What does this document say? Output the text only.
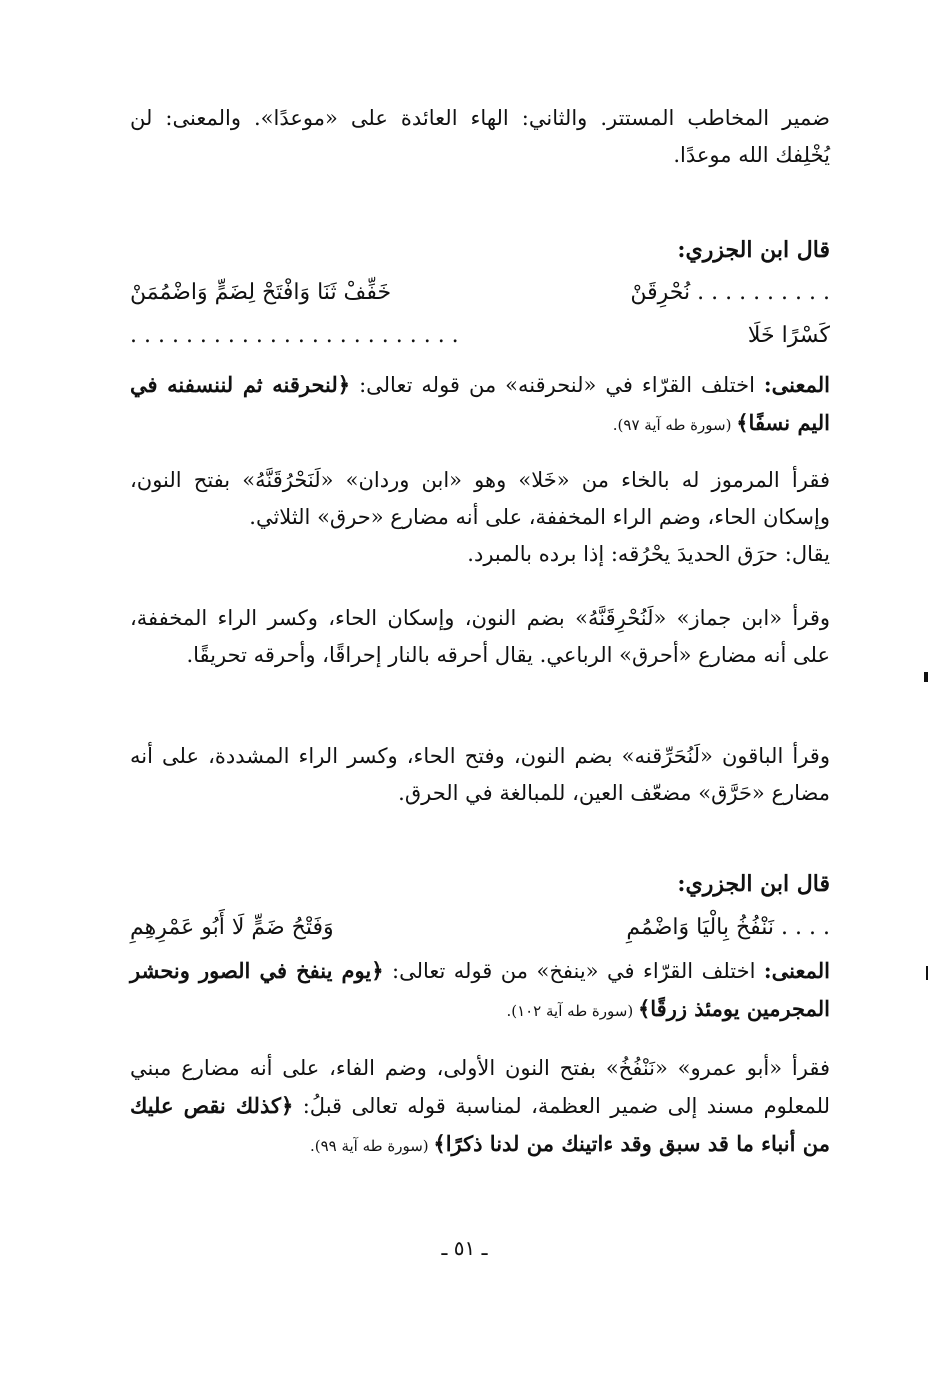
ضمير المخاطب المستتر. والثاني: الهاء العائدة على «موعدًا». والمعنى: لن يُخْلِفك الله موعدًا.

قال ابن الجزري:

. . . . . . . . . . نُحْرِقَنْ
خَفِّفْ ثَنَا وَافْتَحْ لِضَمٍّ وَاضْمُمَنْ
كَسْرًا خَلَا
. . . . . . . . . . . . . . . . . . . . . . . .

المعنى: اختلف القرّاء في «لنحرقنه» من قوله تعالى: ﴿لنحرقنه ثم لننسفنه في اليم نسفًا﴾ (سورة طه آية ٩٧).

فقرأ المرموز له بالخاء من «خَلا» وهو «ابن وردان» «لَنَحْرُقَنَّهُ» بفتح النون، وإسكان الحاء، وضم الراء المخففة، على أنه مضارع «حرق» الثلاثي.

يقال: حرَق الحديدَ يحْرُقه: إذا برده بالمبرد.

وقرأ «ابن جماز» «لَنُحْرِقَنَّهُ» بضم النون، وإسكان الحاء، وكسر الراء المخففة، على أنه مضارع «أحرق» الرباعي. يقال أحرقه بالنار إحراقًا، وأحرقه تحريقًا.

وقرأ الباقون «لَنُحَرِّقنه» بضم النون، وفتح الحاء، وكسر الراء المشددة، على أنه مضارع «حَرَّق» مضعّف العين، للمبالغة في الحرق.

قال ابن الجزري:

. . . . نَنْفُخُ بِالْيَا وَاضْمُمِ
وَفَتْحُ ضَمٍّ لَا أَبُو عَمْرِهِمِ

المعنى: اختلف القرّاء في «ينفخ» من قوله تعالى: ﴿يوم ينفخ في الصور ونحشر المجرمين يومئذ زرقًا﴾ (سورة طه آية ١٠٢).

فقرأ «أبو عمرو» «نَنْفُخُ» بفتح النون الأولى، وضم الفاء، على أنه مضارع مبني للمعلوم مسند إلى ضمير العظمة، لمناسبة قوله تعالى قبلُ: ﴿كذلك نقص عليك من أنباء ما قد سبق وقد ءاتينك من لدنا ذكرًا﴾ (سورة طه آية ٩٩).

ـ ٥١ ـ
